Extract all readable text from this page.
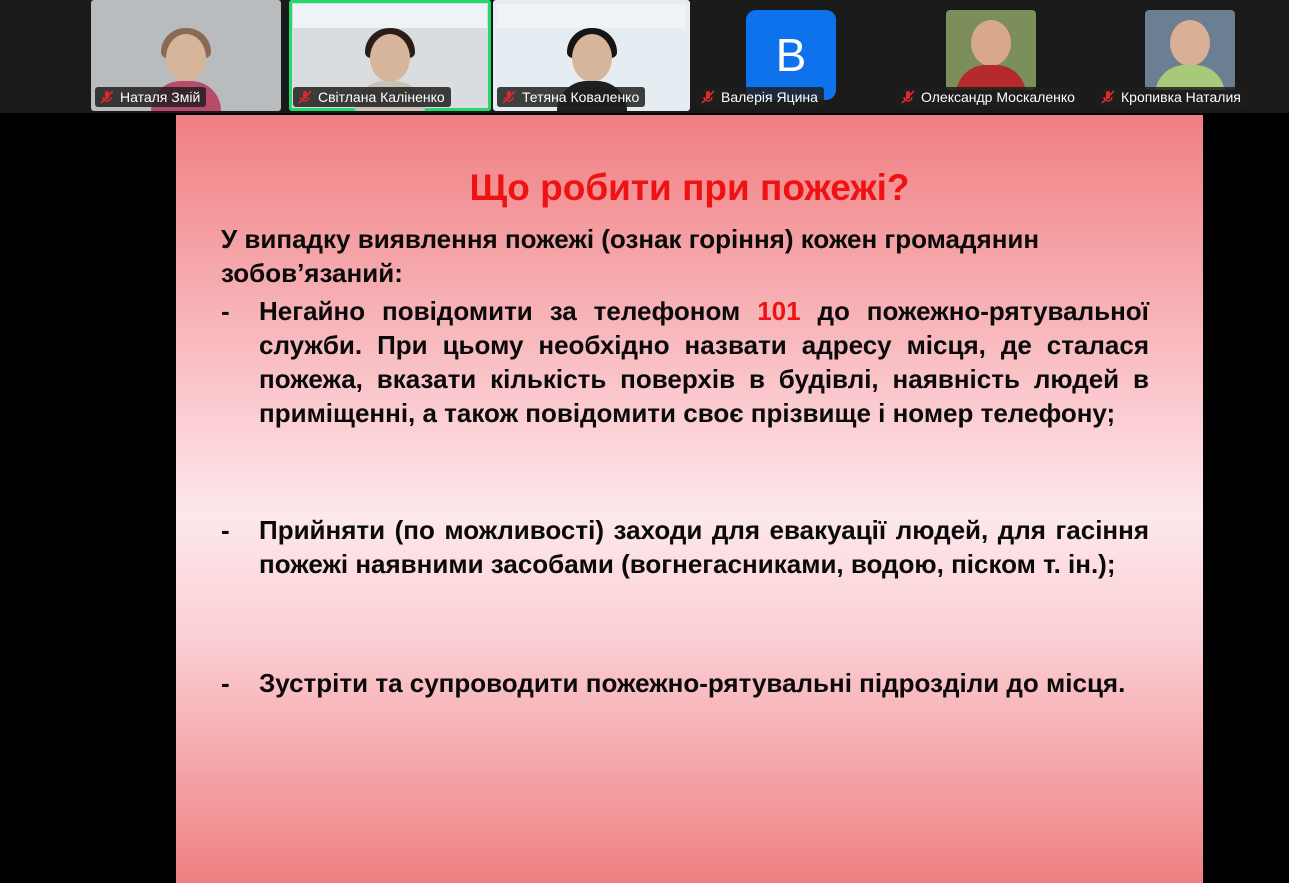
Наталя Змій	Світлана Каліненко	Тетяна Коваленко
В
Валерія Яцина	Олександр Москаленко	Кропивка Наталия
Що робити при пожежі?
У випадку виявлення пожежі (ознак горіння) кожен громадянин зобов’язаний:
-	Негайно повідомити за телефоном 101 до пожежно-рятувальної служби. При цьому необхідно назвати адресу місця, де сталася пожежа, вказати кількість поверхів в будівлі, наявність людей в приміщенні, а також повідомити своє прізвище і номер телефону;
-	Прийняти (по можливості) заходи для евакуації людей, для гасіння пожежі наявними засобами (вогнегасниками, водою, піском т. ін.);
-	Зустріти та супроводити пожежно-рятувальні підрозділи до місця.
